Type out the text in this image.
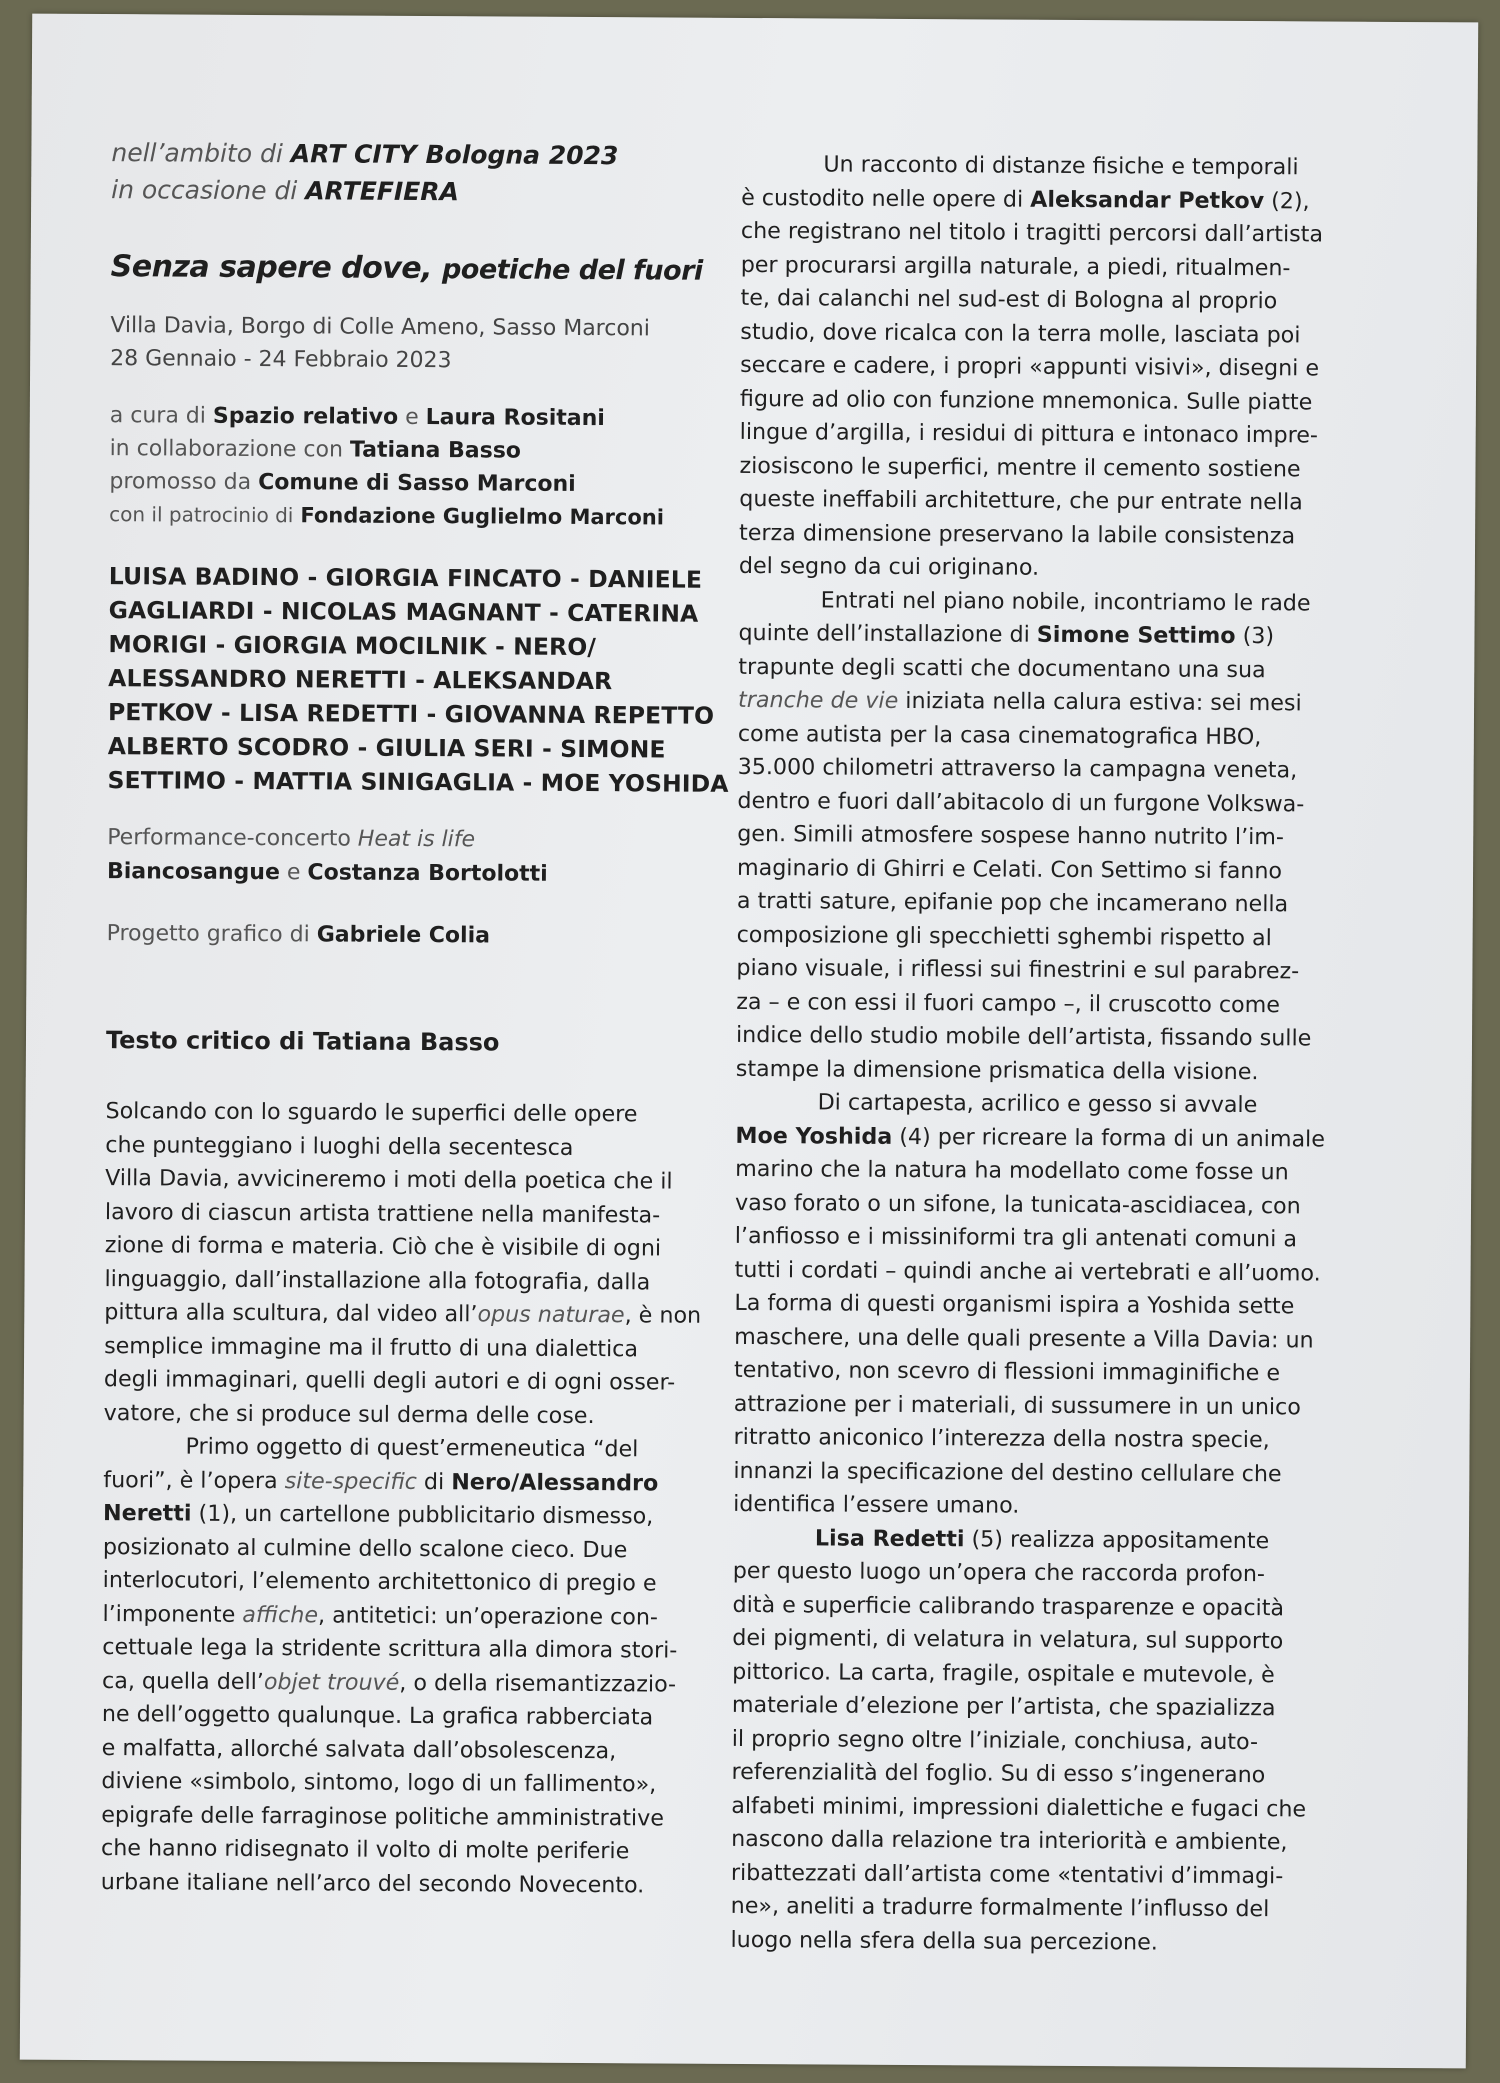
nell’ambito di ART CITY Bologna 2023
in occasione di ARTEFIERA
Senza sapere dove, poetiche del fuori
Villa Davia, Borgo di Colle Ameno, Sasso Marconi
28 Gennaio - 24 Febbraio 2023
a cura di Spazio relativo e Laura Rositani
in collaborazione con Tatiana Basso
promosso da Comune di Sasso Marconi
con il patrocinio di Fondazione Guglielmo Marconi
LUISA BADINO - GIORGIA FINCATO - DANIELE
GAGLIARDI - NICOLAS MAGNANT - CATERINA
MORIGI - GIORGIA MOCILNIK - NERO/
ALESSANDRO NERETTI - ALEKSANDAR
PETKOV - LISA REDETTI - GIOVANNA REPETTO
ALBERTO SCODRO - GIULIA SERI - SIMONE
SETTIMO - MATTIA SINIGAGLIA - MOE YOSHIDA
Performance-concerto Heat is life
Biancosangue e Costanza Bortolotti
Progetto grafico di Gabriele Colia
Testo critico di Tatiana Basso

Solcando con lo sguardo le superfici delle opere
che punteggiano i luoghi della secentesca
Villa Davia, avvicineremo i moti della poetica che il
lavoro di ciascun artista trattiene nella manifesta-
zione di forma e materia. Ciò che è visibile di ogni
linguaggio, dall’installazione alla fotografia, dalla
pittura alla scultura, dal video all’opus naturae, è non
semplice immagine ma il frutto di una dialettica
degli immaginari, quelli degli autori e di ogni osser-
vatore, che si produce sul derma delle cose.

Primo oggetto di quest’ermeneutica “del
fuori”, è l’opera site-specific di Nero/Alessandro
Neretti (1), un cartellone pubblicitario dismesso,
posizionato al culmine dello scalone cieco. Due
interlocutori, l’elemento architettonico di pregio e
l’imponente affiche, antitetici: un’operazione con-
cettuale lega la stridente scrittura alla dimora stori-
ca, quella dell’objet trouvé, o della risemantizzazio-
ne dell’oggetto qualunque. La grafica rabberciata
e malfatta, allorché salvata dall’obsolescenza,
diviene «simbolo, sintomo, logo di un fallimento»,
epigrafe delle farraginose politiche amministrative
che hanno ridisegnato il volto di molte periferie
urbane italiane nell’arco del secondo Novecento.

Un racconto di distanze fisiche e temporali
è custodito nelle opere di Aleksandar Petkov (2),
che registrano nel titolo i tragitti percorsi dall’artista
per procurarsi argilla naturale, a piedi, ritualmen-
te, dai calanchi nel sud-est di Bologna al proprio
studio, dove ricalca con la terra molle, lasciata poi
seccare e cadere, i propri «appunti visivi», disegni e
figure ad olio con funzione mnemonica. Sulle piatte
lingue d’argilla, i residui di pittura e intonaco impre-
ziosiscono le superfici, mentre il cemento sostiene
queste ineffabili architetture, che pur entrate nella
terza dimensione preservano la labile consistenza
del segno da cui originano.

Entrati nel piano nobile, incontriamo le rade
quinte dell’installazione di Simone Settimo (3)
trapunte degli scatti che documentano una sua
tranche de vie iniziata nella calura estiva: sei mesi
come autista per la casa cinematografica HBO,
35.000 chilometri attraverso la campagna veneta,
dentro e fuori dall’abitacolo di un furgone Volkswa-
gen. Simili atmosfere sospese hanno nutrito l’im-
maginario di Ghirri e Celati. Con Settimo si fanno
a tratti sature, epifanie pop che incamerano nella
composizione gli specchietti sghembi rispetto al
piano visuale, i riflessi sui finestrini e sul parabrez-
za – e con essi il fuori campo –, il cruscotto come
indice dello studio mobile dell’artista, fissando sulle
stampe la dimensione prismatica della visione.

Di cartapesta, acrilico e gesso si avvale
Moe Yoshida (4) per ricreare la forma di un animale
marino che la natura ha modellato come fosse un
vaso forato o un sifone, la tunicata-ascidiacea, con
l’anfiosso e i missiniformi tra gli antenati comuni a
tutti i cordati – quindi anche ai vertebrati e all’uomo.
La forma di questi organismi ispira a Yoshida sette
maschere, una delle quali presente a Villa Davia: un
tentativo, non scevro di flessioni immaginifiche e
attrazione per i materiali, di sussumere in un unico
ritratto aniconico l’interezza della nostra specie,
innanzi la specificazione del destino cellulare che
identifica l’essere umano.

Lisa Redetti (5) realizza appositamente
per questo luogo un’opera che raccorda profon-
dità e superficie calibrando trasparenze e opacità
dei pigmenti, di velatura in velatura, sul supporto
pittorico. La carta, fragile, ospitale e mutevole, è
materiale d’elezione per l’artista, che spazializza
il proprio segno oltre l’iniziale, conchiusa, auto-
referenzialità del foglio. Su di esso s’ingenerano
alfabeti minimi, impressioni dialettiche e fugaci che
nascono dalla relazione tra interiorità e ambiente,
ribattezzati dall’artista come «tentativi d’immagi-
ne», aneliti a tradurre formalmente l’influsso del
luogo nella sfera della sua percezione.
